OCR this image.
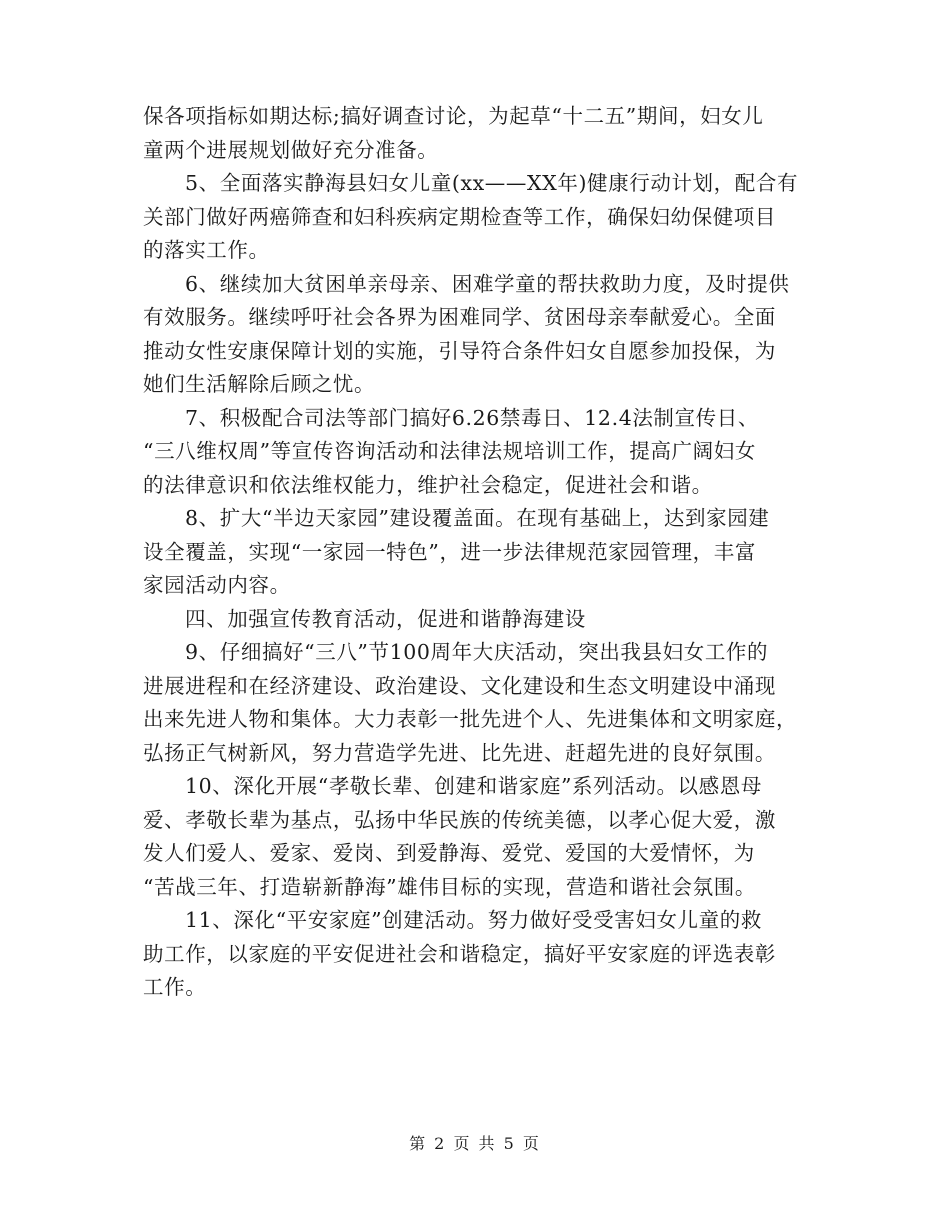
保各项指标如期达标;搞好调查讨论，为起草“十二五”期间，妇女儿
童两个进展规划做好充分准备。

5、全面落实静海县妇女儿童(xx——XX年)健康行动计划，配合有
关部门做好两癌筛查和妇科疾病定期检查等工作，确保妇幼保健项目
的落实工作。

6、继续加大贫困单亲母亲、困难学童的帮扶救助力度，及时提供
有效服务。继续呼吁社会各界为困难同学、贫困母亲奉献爱心。全面
推动女性安康保障计划的实施，引导符合条件妇女自愿参加投保，为
她们生活解除后顾之忧。

7、积极配合司法等部门搞好6.26禁毒日、12.4法制宣传日、
“三八维权周”等宣传咨询活动和法律法规培训工作，提高广阔妇女
的法律意识和依法维权能力，维护社会稳定，促进社会和谐。

8、扩大“半边天家园”建设覆盖面。在现有基础上，达到家园建
设全覆盖，实现“一家园一特色”，进一步法律规范家园管理，丰富
家园活动内容。

四、加强宣传教育活动，促进和谐静海建设

9、仔细搞好“三八”节100周年大庆活动，突出我县妇女工作的
进展进程和在经济建设、政治建设、文化建设和生态文明建设中涌现
出来先进人物和集体。大力表彰一批先进个人、先进集体和文明家庭，
弘扬正气树新风，努力营造学先进、比先进、赶超先进的良好氛围。

10、深化开展“孝敬长辈、创建和谐家庭”系列活动。以感恩母
爱、孝敬长辈为基点，弘扬中华民族的传统美德，以孝心促大爱，激
发人们爱人、爱家、爱岗、到爱静海、爱党、爱国的大爱情怀，为
“苦战三年、打造崭新静海”雄伟目标的实现，营造和谐社会氛围。

11、深化“平安家庭”创建活动。努力做好受受害妇女儿童的救
助工作，以家庭的平安促进社会和谐稳定，搞好平安家庭的评选表彰
工作。

第 2 页 共 5 页
